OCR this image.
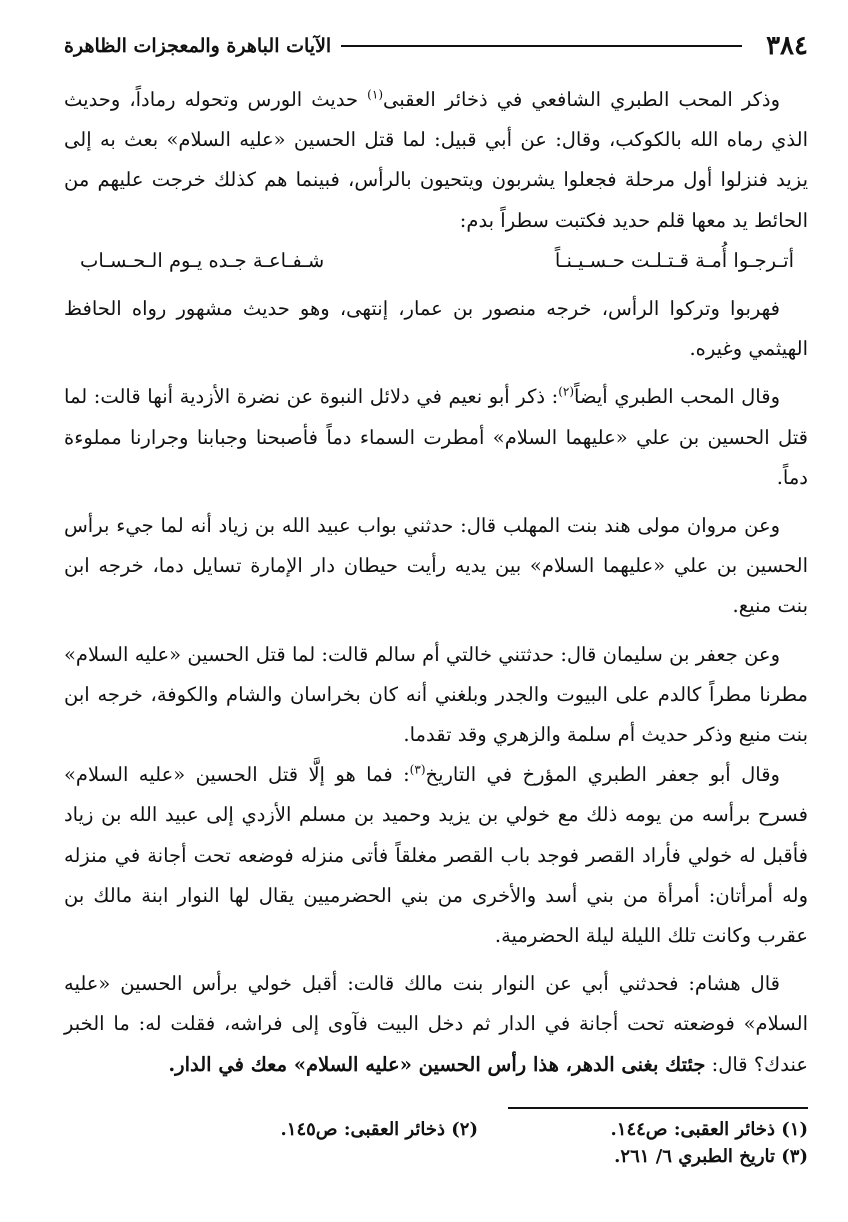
٣٨٤
الآيات الباهرة والمعجزات الظاهرة

وذكر المحب الطبري الشافعي في ذخائر العقبى$^{(١)}$ حديث الورس وتحوله رماداً، وحديث الذي رماه الله بالكوكب، وقال: عن أبي قبيل: لما قتل الحسين «عليه السلام» بعث به إلى يزيد فنزلوا أول مرحلة فجعلوا يشربون ويتحيون بالرأس، فبينما هم كذلك خرجت عليهم من الحائط يد معها قلم حديد فكتبت سطراً بدم:

أتـرجـوا أُمـة قـتـلـت حـسـيـنـاً
شـفـاعـة جـده يـوم الـحـسـاب

فهربوا وتركوا الرأس، خرجه منصور بن عمار، إنتهى، وهو حديث مشهور رواه الحافظ الهيثمي وغيره.

وقال المحب الطبري أيضاً$^{(٢)}$: ذكر أبو نعيم في دلائل النبوة عن نضرة الأزدية أنها قالت: لما قتل الحسين بن علي «عليهما السلام» أمطرت السماء دماً فأصبحنا وجبابنا وجرارنا مملوءة دماً.

وعن مروان مولى هند بنت المهلب قال: حدثني بواب عبيد الله بن زياد أنه لما جيء برأس الحسين بن علي «عليهما السلام» بين يديه رأيت حيطان دار الإمارة تسايل دما، خرجه ابن بنت منيع.

وعن جعفر بن سليمان قال: حدثتني خالتي أم سالم قالت: لما قتل الحسين «عليه السلام» مطرنا مطراً كالدم على البيوت والجدر وبلغني أنه كان بخراسان والشام والكوفة، خرجه ابن بنت منيع وذكر حديث أم سلمة والزهري وقد تقدما.

وقال أبو جعفر الطبري المؤرخ في التاريخ$^{(٣)}$: فما هو إلَّا قتل الحسين «عليه السلام» فسرح برأسه من يومه ذلك مع خولي بن يزيد وحميد بن مسلم الأزدي إلى عبيد الله بن زياد فأقبل له خولي فأراد القصر فوجد باب القصر مغلقاً فأتى منزله فوضعه تحت أجانة في منزله وله أمرأتان: أمرأة من بني أسد والأخرى من بني الحضرميين يقال لها النوار ابنة مالك بن عقرب وكانت تلك الليلة ليلة الحضرمية.

قال هشام: فحدثني أبي عن النوار بنت مالك قالت: أقبل خولي برأس الحسين «عليه السلام» فوضعته تحت أجانة في الدار ثم دخل البيت فآوى إلى فراشه، فقلت له: ما الخبر عندك؟ قال: جئتك بغنى الدهر، هذا رأس الحسين «عليه السلام» معك في الدار.

(١) ذخائر العقبى: ص١٤٤.
(٢) ذخائر العقبى: ص١٤٥.
(٣) تاريخ الطبري ٦/ ٢٦١.
